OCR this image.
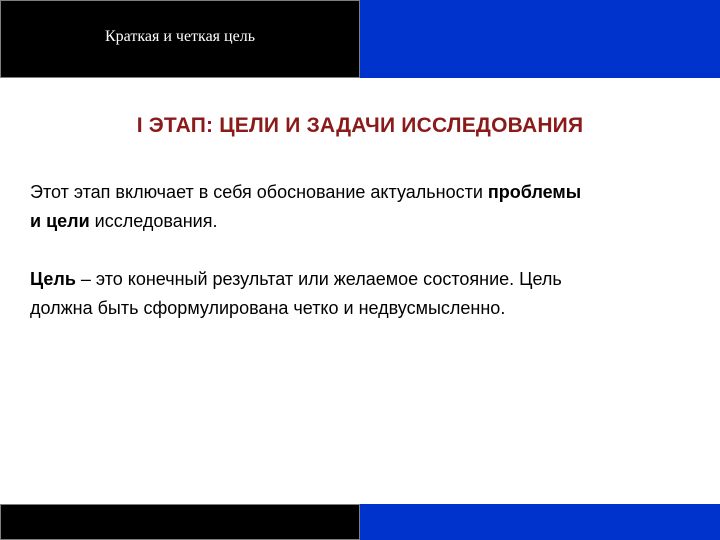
Краткая и четкая цель
I ЭТАП: ЦЕЛИ И ЗАДАЧИ ИССЛЕДОВАНИЯ

Этот этап включает в себя обоснование актуальности проблемы
и цели исследования.

Цель – это конечный результат или желаемое состояние. Цель
должна быть сформулирована четко и недвусмысленно.
